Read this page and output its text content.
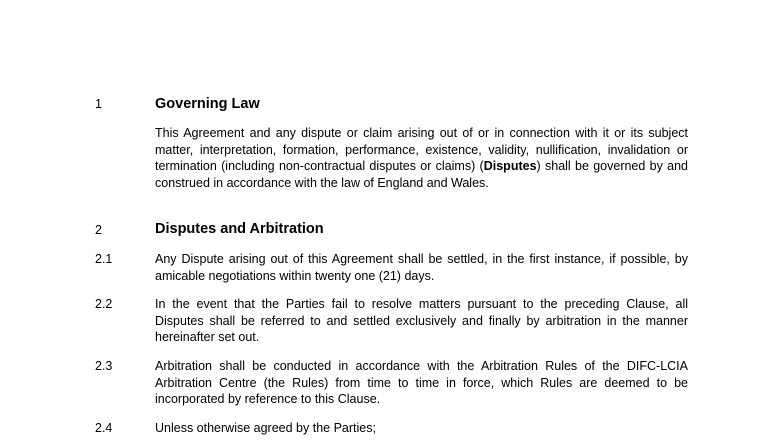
1	Governing Law
This Agreement and any dispute or claim arising out of or in connection with it or its subject matter, interpretation, formation, performance, existence, validity, nullification, invalidation or termination (including non-contractual disputes or claims) (Disputes) shall be governed by and construed in accordance with the law of England and Wales.
2	Disputes and Arbitration
2.1	Any Dispute arising out of this Agreement shall be settled, in the first instance, if possible, by amicable negotiations within twenty one (21) days.
2.2	In the event that the Parties fail to resolve matters pursuant to the preceding Clause, all Disputes shall be referred to and settled exclusively and finally by arbitration in the manner hereinafter set out.
2.3	Arbitration shall be conducted in accordance with the Arbitration Rules of the DIFC-LCIA Arbitration Centre (the Rules) from time to time in force, which Rules are deemed to be incorporated by reference to this Clause.
2.4	Unless otherwise agreed by the Parties;
